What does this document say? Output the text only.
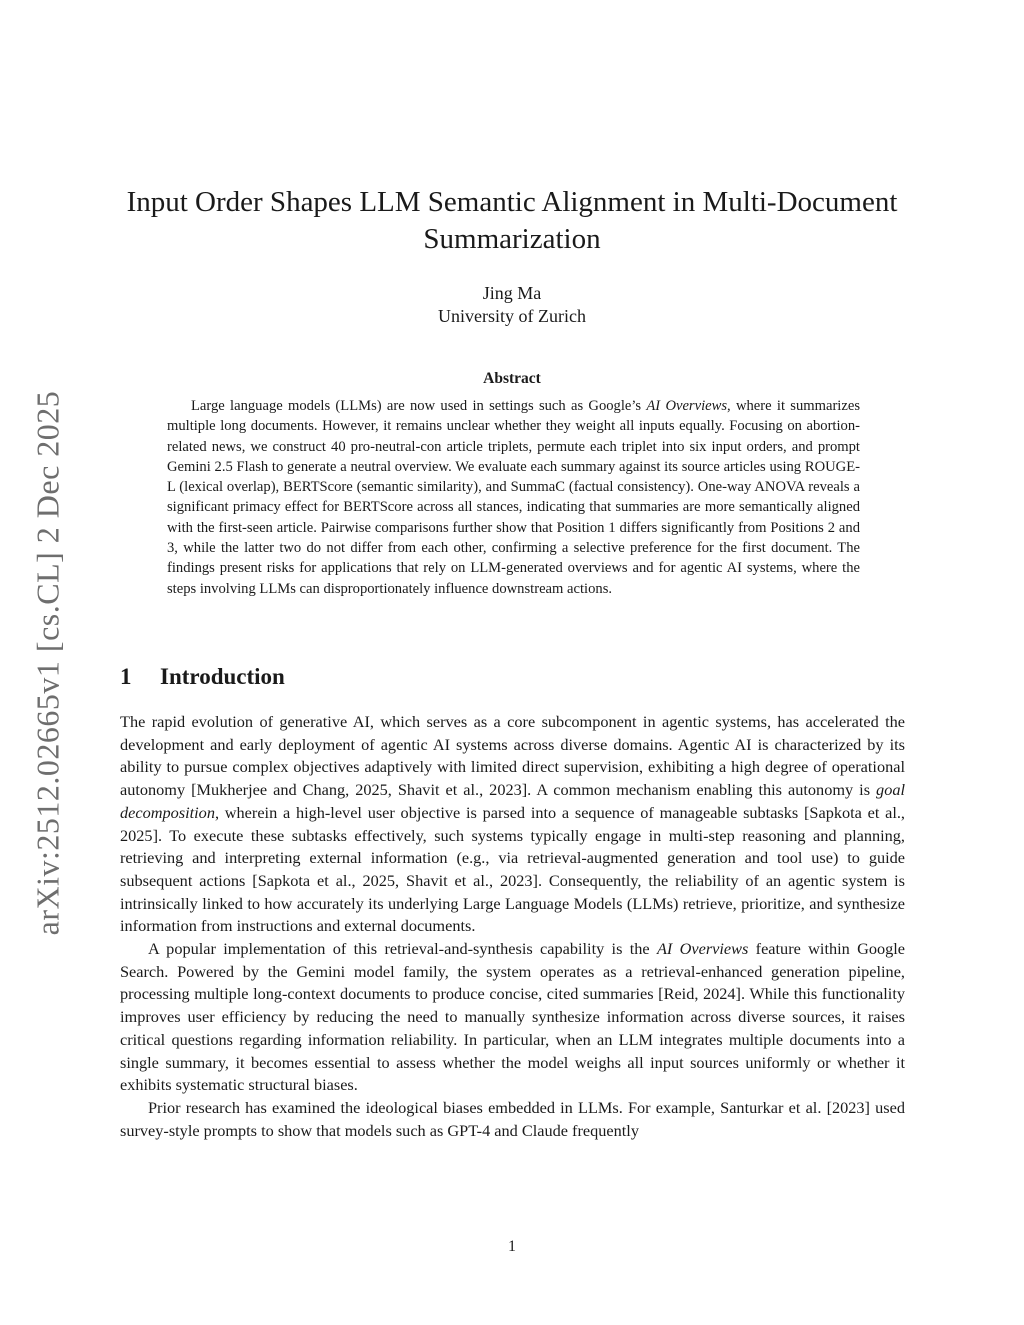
arXiv:2512.02665v1 [cs.CL] 2 Dec 2025
Input Order Shapes LLM Semantic Alignment in Multi-Document Summarization
Jing Ma
University of Zurich
Abstract

Large language models (LLMs) are now used in settings such as Google’s AI Overviews, where it summarizes multiple long documents. However, it remains unclear whether they weight all inputs equally. Focusing on abortion-related news, we construct 40 pro-neutral-con article triplets, permute each triplet into six input orders, and prompt Gemini 2.5 Flash to generate a neutral overview. We evaluate each summary against its source articles using ROUGE-L (lexical overlap), BERTScore (semantic similarity), and SummaC (factual consistency). One-way ANOVA reveals a significant primacy effect for BERTScore across all stances, indicating that summaries are more semantically aligned with the first-seen article. Pairwise comparisons further show that Position 1 differs significantly from Positions 2 and 3, while the latter two do not differ from each other, confirming a selective preference for the first document. The findings present risks for applications that rely on LLM-generated overviews and for agentic AI systems, where the steps involving LLMs can disproportionately influence downstream actions.

1 Introduction

The rapid evolution of generative AI, which serves as a core subcomponent in agentic systems, has accelerated the development and early deployment of agentic AI systems across diverse domains. Agentic AI is characterized by its ability to pursue complex objectives adaptively with limited direct supervision, exhibiting a high degree of operational autonomy [Mukherjee and Chang, 2025, Shavit et al., 2023]. A common mechanism enabling this autonomy is goal decomposition, wherein a high-level user objective is parsed into a sequence of manageable subtasks [Sapkota et al., 2025]. To execute these subtasks effectively, such systems typically engage in multi-step reasoning and planning, retrieving and interpreting external information (e.g., via retrieval-augmented generation and tool use) to guide subsequent actions [Sapkota et al., 2025, Shavit et al., 2023]. Consequently, the reliability of an agentic system is intrinsically linked to how accurately its underlying Large Language Models (LLMs) retrieve, prioritize, and synthesize information from instructions and external documents.

A popular implementation of this retrieval-and-synthesis capability is the AI Overviews feature within Google Search. Powered by the Gemini model family, the system operates as a retrieval-enhanced generation pipeline, processing multiple long-context documents to produce concise, cited summaries [Reid, 2024]. While this functionality improves user efficiency by reducing the need to manually synthesize information across diverse sources, it raises critical questions regarding information reliability. In particular, when an LLM integrates multiple documents into a single summary, it becomes essential to assess whether the model weighs all input sources uniformly or whether it exhibits systematic structural biases.

Prior research has examined the ideological biases embedded in LLMs. For example, Santurkar et al. [2023] used survey-style prompts to show that models such as GPT-4 and Claude frequently

1
